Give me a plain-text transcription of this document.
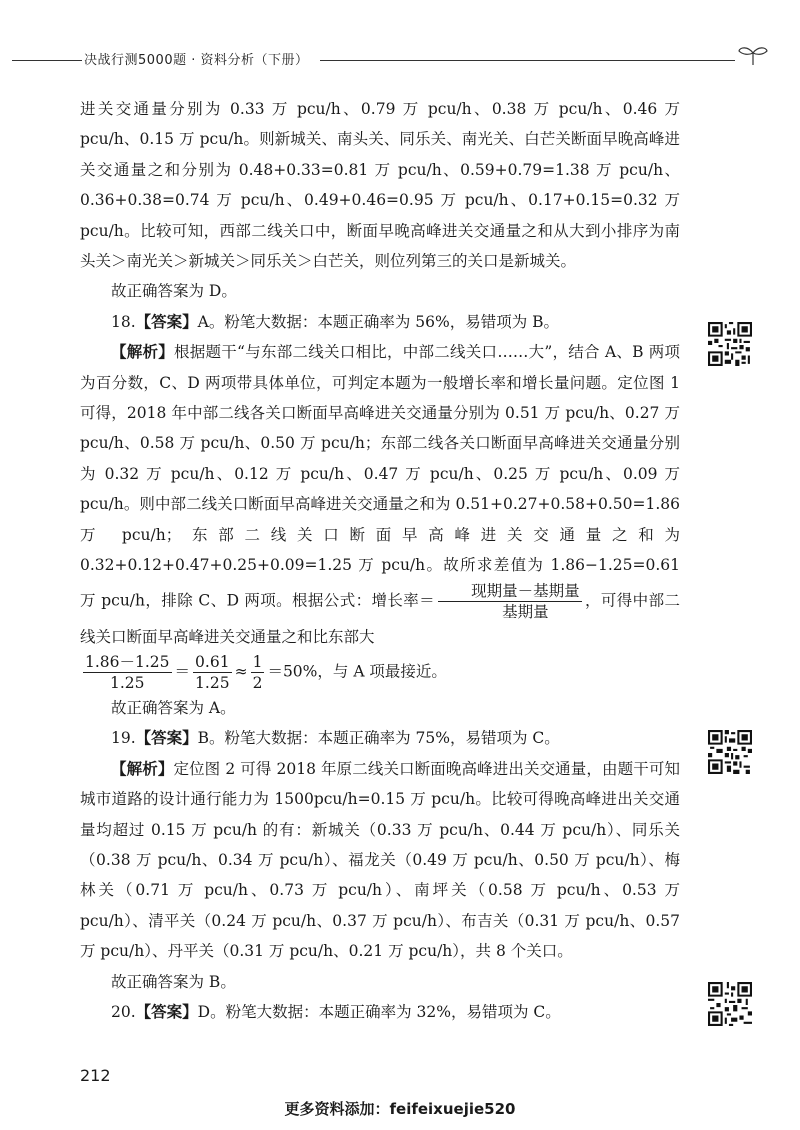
决战行测5000题 · 资料分析（下册）

进关交通量分别为 0.33 万 pcu/h、0.79 万 pcu/h、0.38 万 pcu/h、0.46 万 pcu/h、0.15 万 pcu/h。则新城关、南头关、同乐关、南光关、白芒关断面早晚高峰进关交通量之和分别为 0.48+0.33=0.81 万 pcu/h、0.59+0.79=1.38 万 pcu/h、0.36+0.38=0.74 万 pcu/h、0.49+0.46=0.95 万 pcu/h、0.17+0.15=0.32 万 pcu/h。比较可知，西部二线关口中，断面早晚高峰进关交通量之和从大到小排序为南头关＞南光关＞新城关＞同乐关＞白芒关，则位列第三的关口是新城关。

故正确答案为 D。

18.【答案】A。粉笔大数据：本题正确率为 56%，易错项为 B。

【解析】根据题干“与东部二线关口相比，中部二线关口……大”，结合 A、B 两项为百分数，C、D 两项带具体单位，可判定本题为一般增长率和增长量问题。定位图 1 可得，2018 年中部二线各关口断面早高峰进关交通量分别为 0.51 万 pcu/h、0.27 万 pcu/h、0.58 万 pcu/h、0.50 万 pcu/h；东部二线各关口断面早高峰进关交通量分别为 0.32 万 pcu/h、0.12 万 pcu/h、0.47 万 pcu/h、0.25 万 pcu/h、0.09 万 pcu/h。则中部二线关口断面早高峰进关交通量之和为 0.51+0.27+0.58+0.50=1.86 万 pcu/h；东部二线关口断面早高峰进关交通量之和为 0.32+0.12+0.47+0.25+0.09=1.25 万 pcu/h。故所求差值为 1.86−1.25=0.61 万 pcu/h，排除 C、D 两项。根据公式：增长率＝ $\frac{\text{现期量－基期量}}{\text{基期量}}$ ，可得中部二线关口断面早高峰进关交通量之和比东部大

$\frac{1.86-1.25}{1.25} = \frac{0.61}{1.25} \approx \frac{1}{2} =50\%$，与 A 项最接近。

故正确答案为 A。

19.【答案】B。粉笔大数据：本题正确率为 75%，易错项为 C。

【解析】定位图 2 可得 2018 年原二线关口断面晚高峰进出关交通量，由题干可知城市道路的设计通行能力为 1500pcu/h=0.15 万 pcu/h。比较可得晚高峰进出关交通量均超过 0.15 万 pcu/h 的有：新城关（0.33 万 pcu/h、0.44 万 pcu/h）、同乐关（0.38 万 pcu/h、0.34 万 pcu/h）、福龙关（0.49 万 pcu/h、0.50 万 pcu/h）、梅林关（0.71 万 pcu/h、0.73 万 pcu/h）、南坪关（0.58 万 pcu/h、0.53 万 pcu/h）、清平关（0.24 万 pcu/h、0.37 万 pcu/h）、布吉关（0.31 万 pcu/h、0.57 万 pcu/h）、丹平关（0.31 万 pcu/h、0.21 万 pcu/h），共 8 个关口。

故正确答案为 B。

20.【答案】D。粉笔大数据：本题正确率为 32%，易错项为 C。

212
更多资料添加：feifeixuejie520
